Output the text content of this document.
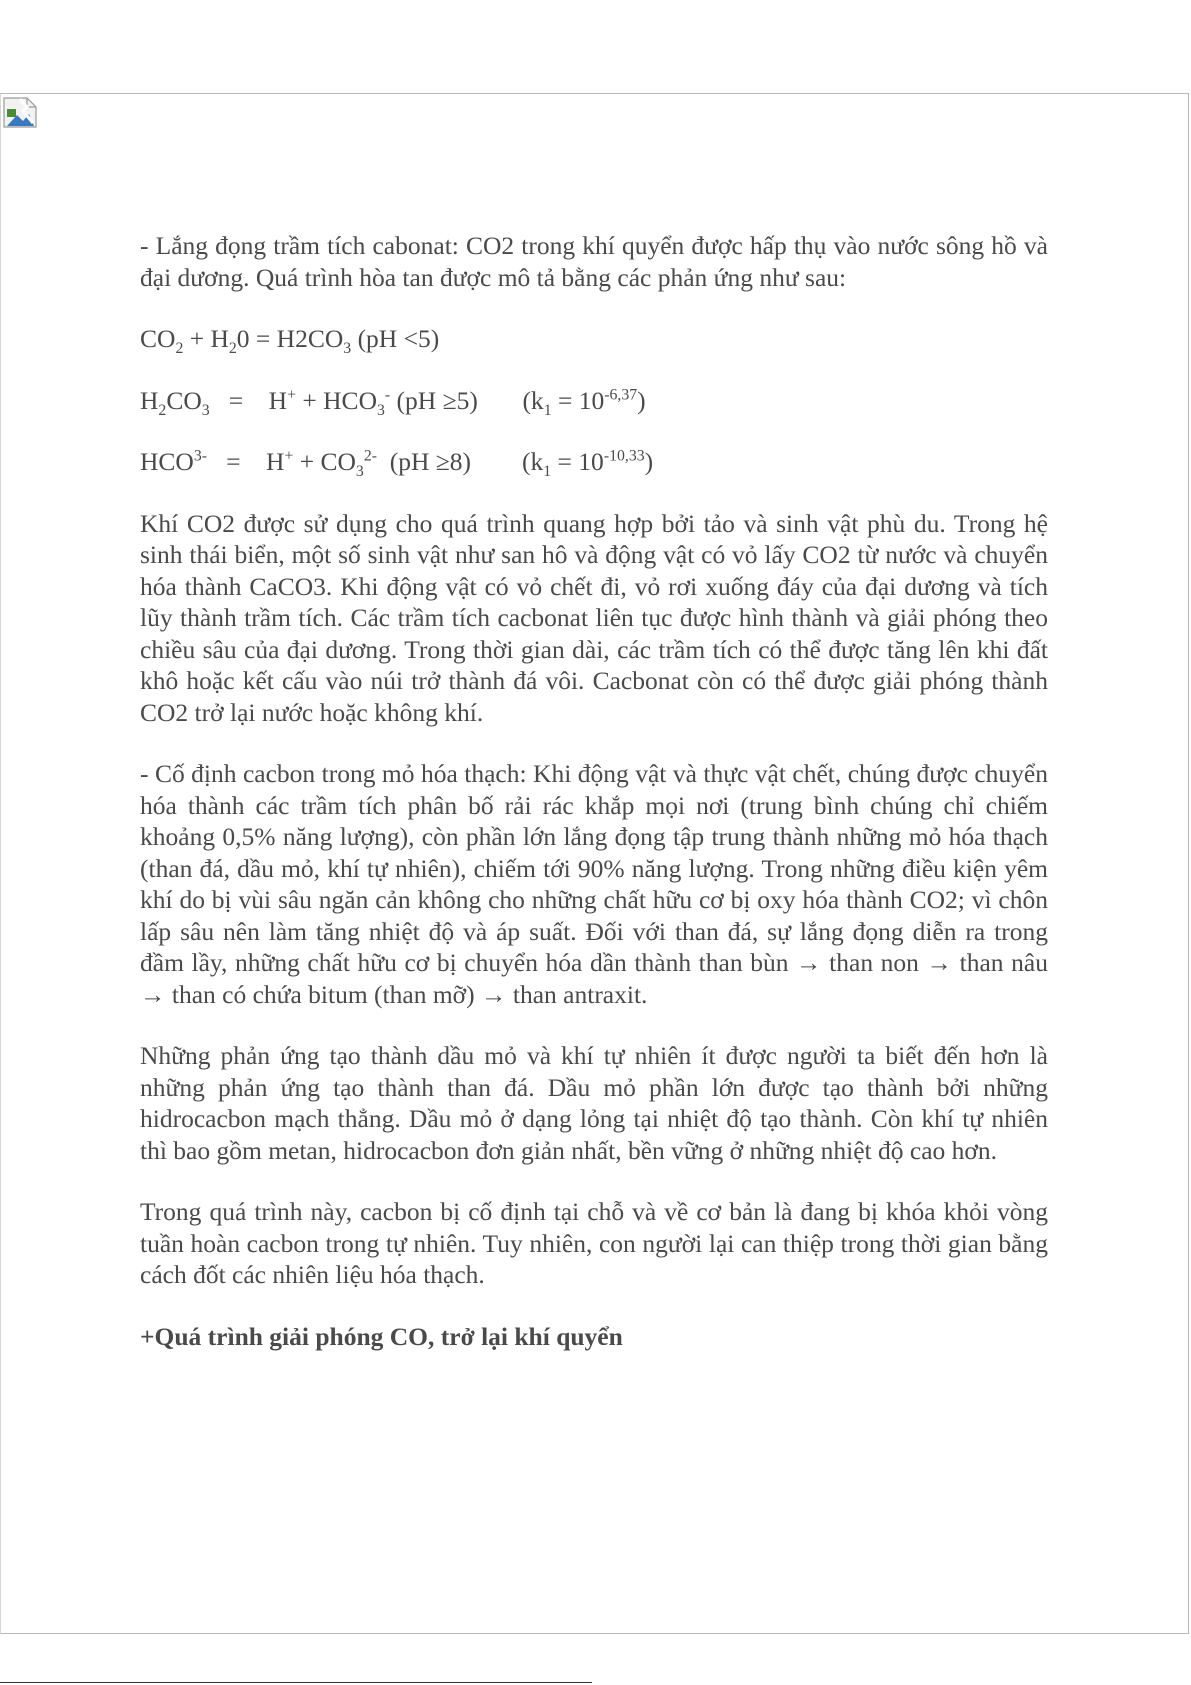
- Lắng đọng trầm tích cabonat: CO2 trong khí quyển được hấp thụ vào nước sông hồ và đại dương. Quá trình hòa tan được mô tả bằng các phản ứng như sau:

$CO_2 + H_20 = H2CO_3$ (pH <5)

$H_2CO_3$   =    $H^+ + HCO_3^-$ (pH ≥5)       $(k_1 = 10^{-6,37})$

$HCO^{3-}$   =    $H^+ + CO_3^{2-}$  (pH ≥8)        $(k_1 = 10^{-10,33})$

Khí CO2 được sử dụng cho quá trình quang hợp bởi tảo và sinh vật phù du. Trong hệ sinh thái biển, một số sinh vật như san hô và động vật có vỏ lấy CO2 từ nước và chuyển hóa thành CaCO3. Khi động vật có vỏ chết đi, vỏ rơi xuống đáy của đại dương và tích lũy thành trầm tích. Các trầm tích cacbonat liên tục được hình thành và giải phóng theo chiều sâu của đại dương. Trong thời gian dài, các trầm tích có thể được tăng lên khi đất khô hoặc kết cấu vào núi trở thành đá vôi. Cacbonat còn có thể được giải phóng thành CO2 trở lại nước hoặc không khí.

- Cố định cacbon trong mỏ hóa thạch: Khi động vật và thực vật chết, chúng được chuyển hóa thành các trầm tích phân bố rải rác khắp mọi nơi (trung bình chúng chỉ chiếm khoảng 0,5% năng lượng), còn phần lớn lắng đọng tập trung thành những mỏ hóa thạch (than đá, dầu mỏ, khí tự nhiên), chiếm tới 90% năng lượng. Trong những điều kiện yêm khí do bị vùi sâu ngăn cản không cho những chất hữu cơ bị oxy hóa thành CO2; vì chôn lấp sâu nên làm tăng nhiệt độ và áp suất. Đối với than đá, sự lắng đọng diễn ra trong đầm lầy, những chất hữu cơ bị chuyển hóa dần thành than bùn → than non → than nâu → than có chứa bitum (than mỡ) → than antraxit.

Những phản ứng tạo thành dầu mỏ và khí tự nhiên ít được người ta biết đến hơn là những phản ứng tạo thành than đá. Dầu mỏ phần lớn được tạo thành bởi những hidrocacbon mạch thẳng. Dầu mỏ ở dạng lỏng tại nhiệt độ tạo thành. Còn khí tự nhiên thì bao gồm metan, hidrocacbon đơn giản nhất, bền vững ở những nhiệt độ cao hơn.

Trong quá trình này, cacbon bị cố định tại chỗ và về cơ bản là đang bị khóa khỏi vòng tuần hoàn cacbon trong tự nhiên. Tuy nhiên, con người lại can thiệp trong thời gian bằng cách đốt các nhiên liệu hóa thạch.

+Quá trình giải phóng CO, trở lại khí quyển
